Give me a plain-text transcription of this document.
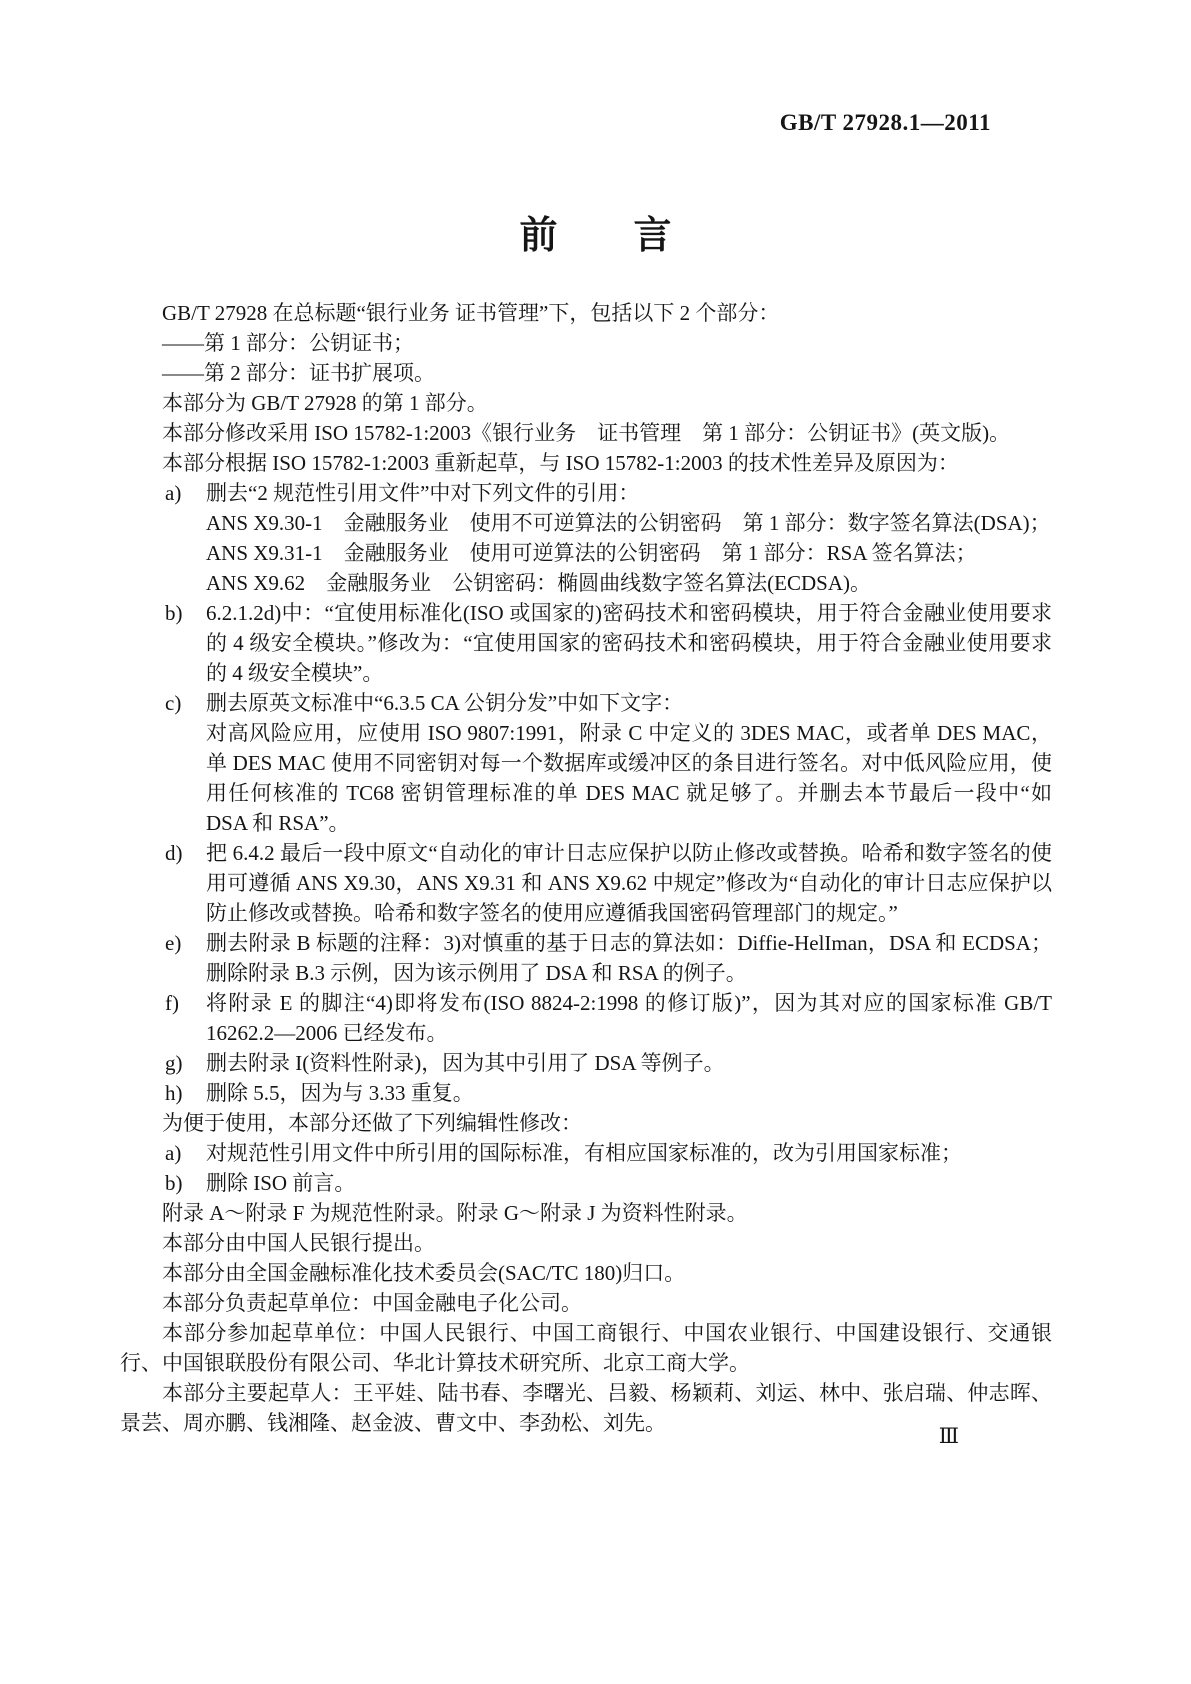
GB/T 27928.1—2011
前　　言
GB/T 27928 在总标题“银行业务 证书管理”下，包括以下 2 个部分：
——第 1 部分：公钥证书；
——第 2 部分：证书扩展项。
本部分为 GB/T 27928 的第 1 部分。
本部分修改采用 ISO 15782-1:2003《银行业务　证书管理　第 1 部分：公钥证书》(英文版)。
本部分根据 ISO 15782-1:2003 重新起草，与 ISO 15782-1:2003 的技术性差异及原因为：
a) 删去“2 规范性引用文件”中对下列文件的引用：
ANS X9.30-1　金融服务业　使用不可逆算法的公钥密码　第 1 部分：数字签名算法(DSA)；
ANS X9.31-1　金融服务业　使用可逆算法的公钥密码　第 1 部分：RSA 签名算法；
ANS X9.62　金融服务业　公钥密码：椭圆曲线数字签名算法(ECDSA)。
b) 6.2.1.2d)中：“宜使用标准化(ISO 或国家的)密码技术和密码模块，用于符合金融业使用要求的 4 级安全模块。”修改为：“宜使用国家的密码技术和密码模块，用于符合金融业使用要求的 4 级安全模块”。
c) 删去原英文标准中“6.3.5 CA 公钥分发”中如下文字：
对高风险应用，应使用 ISO 9807:1991，附录 C 中定义的 3DES MAC，或者单 DES MAC，单 DES MAC 使用不同密钥对每一个数据库或缓冲区的条目进行签名。对中低风险应用，使用任何核准的 TC68 密钥管理标准的单 DES MAC 就足够了。并删去本节最后一段中“如 DSA 和 RSA”。
d) 把 6.4.2 最后一段中原文“自动化的审计日志应保护以防止修改或替换。哈希和数字签名的使用可遵循 ANS X9.30，ANS X9.31 和 ANS X9.62 中规定”修改为“自动化的审计日志应保护以防止修改或替换。哈希和数字签名的使用应遵循我国密码管理部门的规定。”
e) 删去附录 B 标题的注释：3)对慎重的基于日志的算法如：Diffie-HelIman，DSA 和 ECDSA；删除附录 B.3 示例，因为该示例用了 DSA 和 RSA 的例子。
f) 将附录 E 的脚注“4)即将发布(ISO 8824-2:1998 的修订版)”，因为其对应的国家标准 GB/T 16262.2—2006 已经发布。
g) 删去附录 I(资料性附录)，因为其中引用了 DSA 等例子。
h) 删除 5.5，因为与 3.33 重复。
为便于使用，本部分还做了下列编辑性修改：
a) 对规范性引用文件中所引用的国际标准，有相应国家标准的，改为引用国家标准；
b) 删除 ISO 前言。
附录 A～附录 F 为规范性附录。附录 G～附录 J 为资料性附录。
本部分由中国人民银行提出。
本部分由全国金融标准化技术委员会(SAC/TC 180)归口。
本部分负责起草单位：中国金融电子化公司。
本部分参加起草单位：中国人民银行、中国工商银行、中国农业银行、中国建设银行、交通银行、中国银联股份有限公司、华北计算技术研究所、北京工商大学。
本部分主要起草人：王平娃、陆书春、李曙光、吕毅、杨颖莉、刘运、林中、张启瑞、仲志晖、景芸、周亦鹏、钱湘隆、赵金波、曹文中、李劲松、刘先。
Ⅲ
